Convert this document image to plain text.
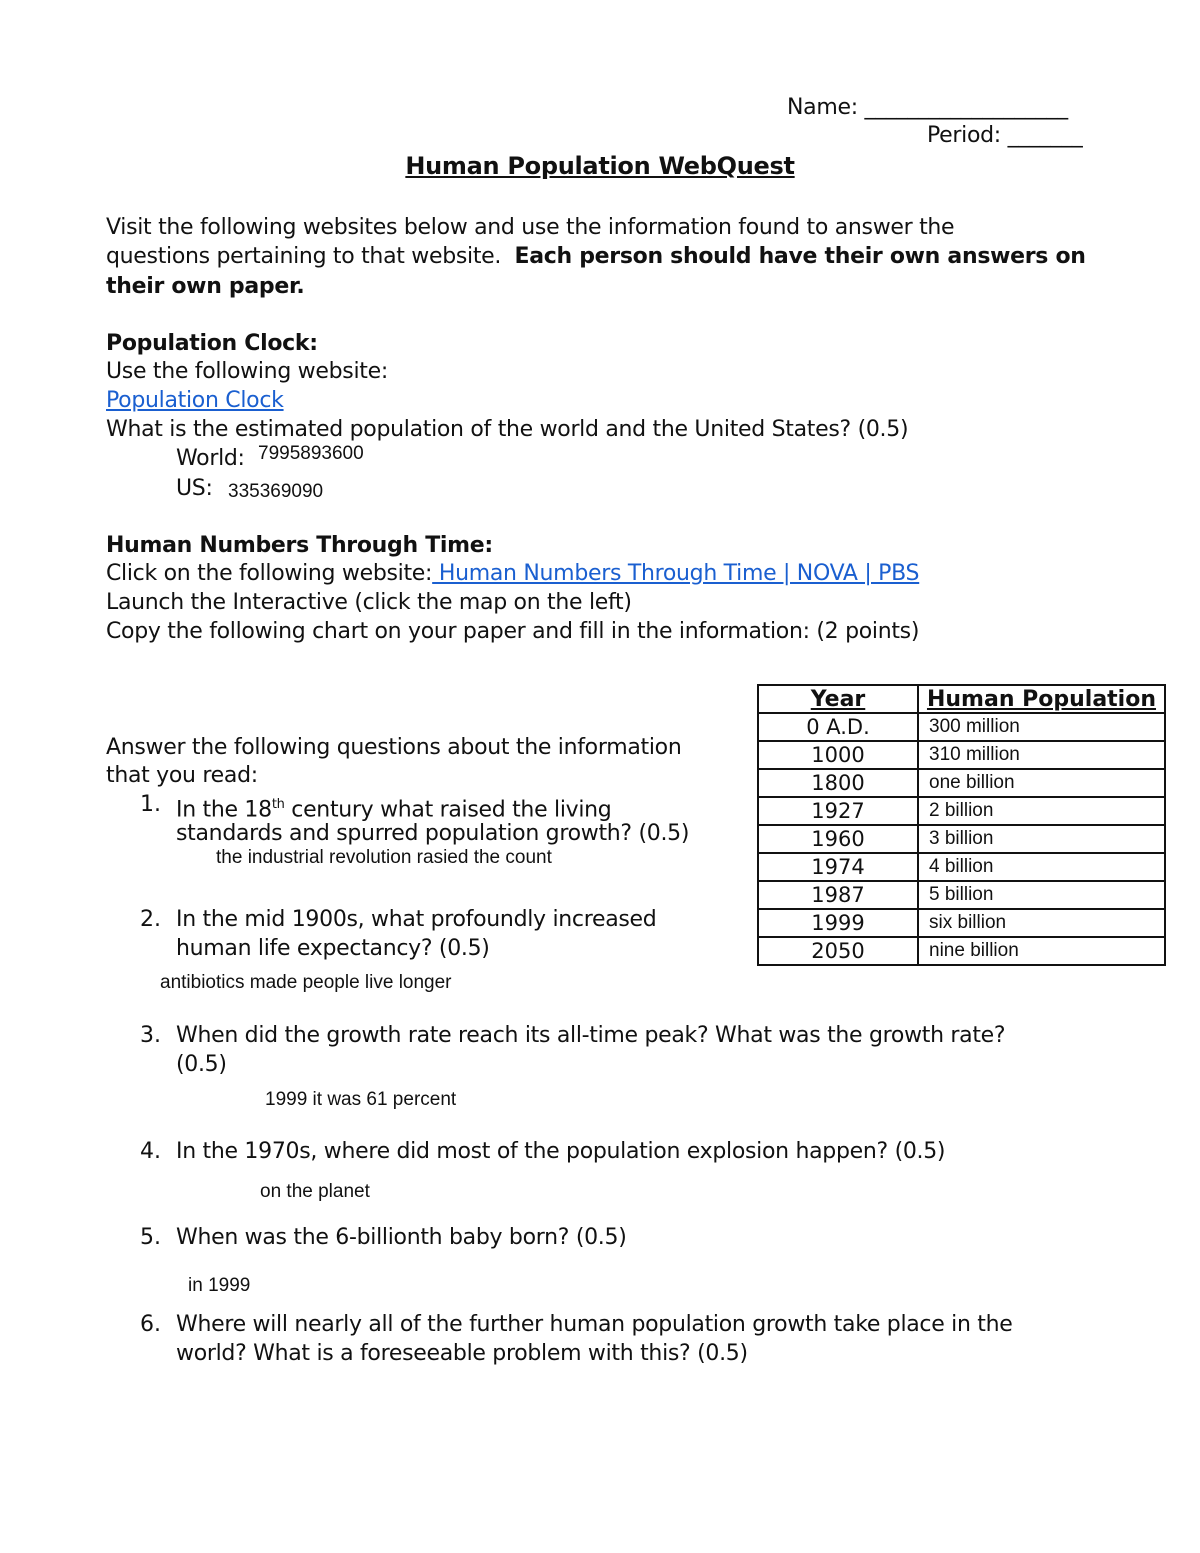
Name: ___________________
Period: _______
Human Population WebQuest
Visit the following websites below and use the information found to answer the
questions pertaining to that website. Each person should have their own answers on
their own paper.
Population Clock:
Use the following website:
Population Clock
What is the estimated population of the world and the United States? (0.5)
World: 7995893600
US: 335369090
Human Numbers Through Time:
Click on the following website: Human Numbers Through Time | NOVA | PBS
Launch the Interactive (click the map on the left)
Copy the following chart on your paper and fill in the information: (2 points)
Year	Human Population
0 A.D.	300 million
1000	310 million
1800	one billion
1927	2 billion
1960	3 billion
1974	4 billion
1987	5 billion
1999	six billion
2050	nine billion
Answer the following questions about the information
that you read:
1. In the 18th century what raised the living
standards and spurred population growth? (0.5)
the industrial revolution rasied the count
2. In the mid 1900s, what profoundly increased
human life expectancy? (0.5)
antibiotics made people live longer
3. When did the growth rate reach its all-time peak? What was the growth rate?
(0.5)
1999 it was 61 percent
4. In the 1970s, where did most of the population explosion happen? (0.5)
on the planet
5. When was the 6-billionth baby born? (0.5)
in 1999
6. Where will nearly all of the further human population growth take place in the
world? What is a foreseeable problem with this? (0.5)
